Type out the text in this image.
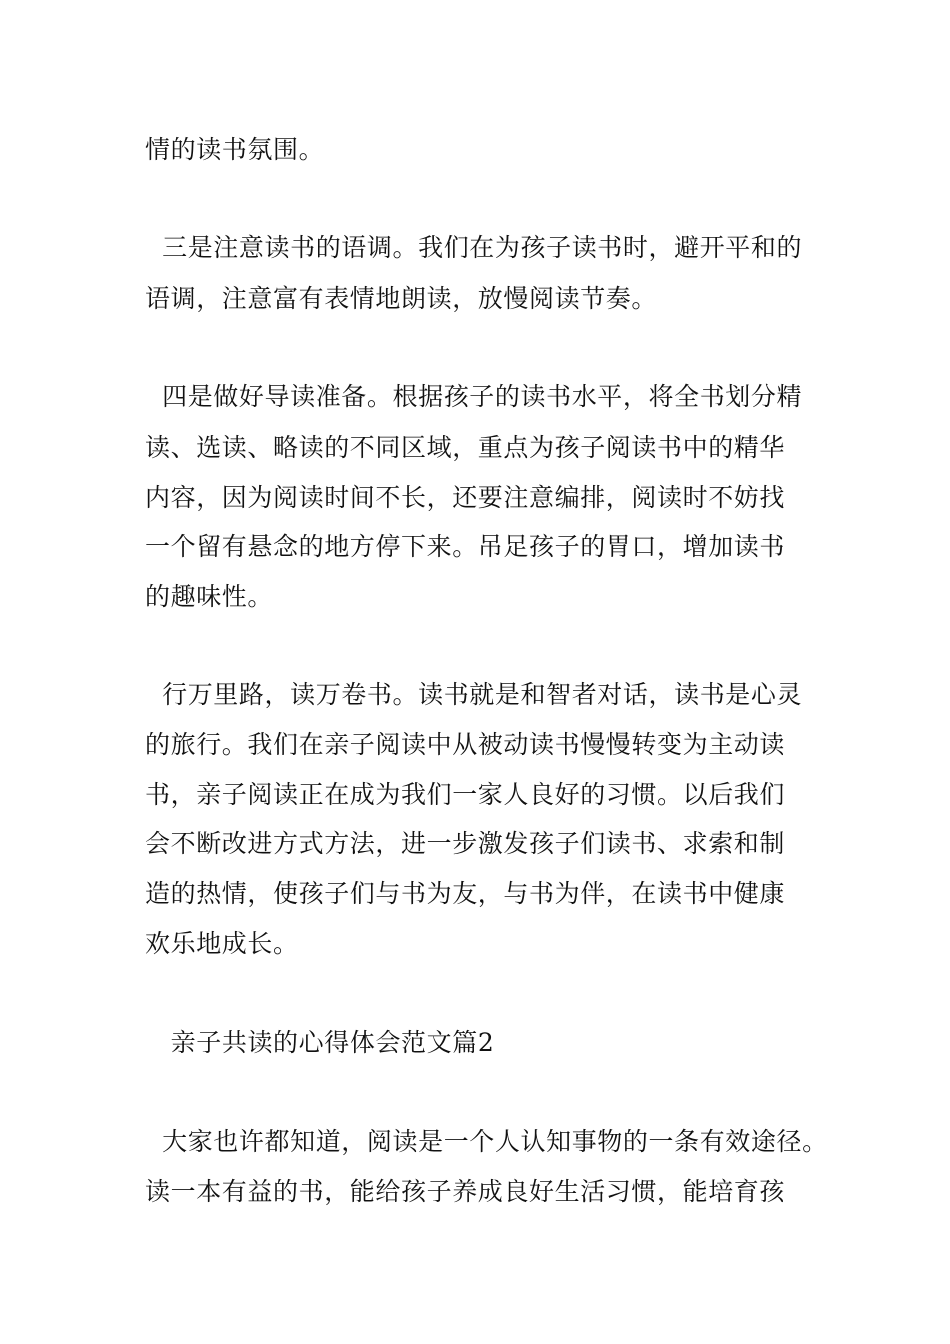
情的读书氛围。
三是注意读书的语调。我们在为孩子读书时，避开平和的
语调，注意富有表情地朗读，放慢阅读节奏。
四是做好导读准备。根据孩子的读书水平，将全书划分精
读、选读、略读的不同区域，重点为孩子阅读书中的精华
内容，因为阅读时间不长，还要注意编排，阅读时不妨找
一个留有悬念的地方停下来。吊足孩子的胃口，增加读书
的趣味性。
行万里路，读万卷书。读书就是和智者对话，读书是心灵
的旅行。我们在亲子阅读中从被动读书慢慢转变为主动读
书，亲子阅读正在成为我们一家人良好的习惯。以后我们
会不断改进方式方法，进一步激发孩子们读书、求索和制
造的热情，使孩子们与书为友，与书为伴，在读书中健康
欢乐地成长。
亲子共读的心得体会范文篇2
大家也许都知道，阅读是一个人认知事物的一条有效途径。
读一本有益的书，能给孩子养成良好生活习惯，能培育孩
